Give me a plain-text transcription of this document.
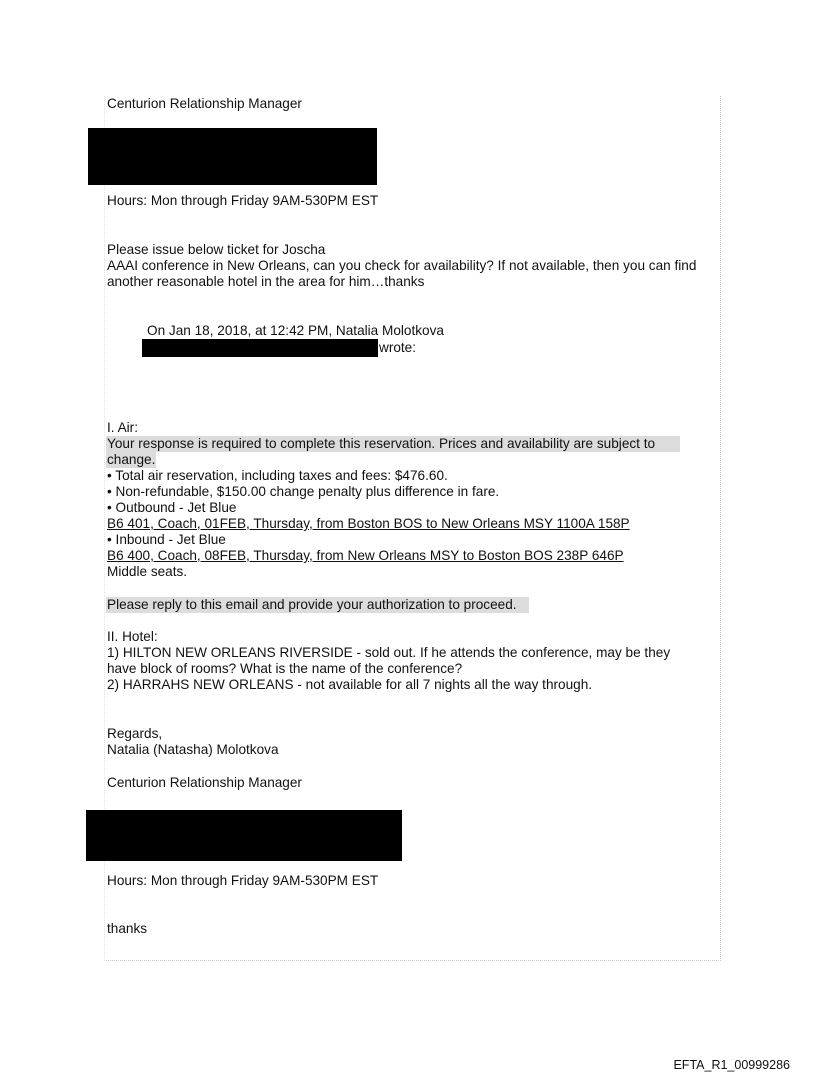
Centurion Relationship Manager
Hours: Mon through Friday 9AM-530PM EST
Please issue below ticket for Joscha
AAAI conference in New Orleans, can you check for availability? If not available, then you can find
another reasonable hotel in the area for him…thanks
On Jan 18, 2018, at 12:42 PM, Natalia Molotkova
wrote:
I. Air:
Your response is required to complete this reservation. Prices and availability are subject to
change.
• Total air reservation, including taxes and fees: $476.60.
• Non-refundable, $150.00 change penalty plus difference in fare.
• Outbound - Jet Blue
B6 401, Coach, 01FEB, Thursday, from Boston BOS to New Orleans MSY 1100A 158P
• Inbound - Jet Blue
B6 400, Coach, 08FEB, Thursday, from New Orleans MSY to Boston BOS 238P 646P
Middle seats.
Please reply to this email and provide your authorization to proceed.
II. Hotel:
1) HILTON NEW ORLEANS RIVERSIDE - sold out. If he attends the conference, may be they
have block of rooms? What is the name of the conference?
2) HARRAHS NEW ORLEANS - not available for all 7 nights all the way through.
Regards,
Natalia (Natasha) Molotkova
Centurion Relationship Manager
Hours: Mon through Friday 9AM-530PM EST
thanks
EFTA_R1_00999286
